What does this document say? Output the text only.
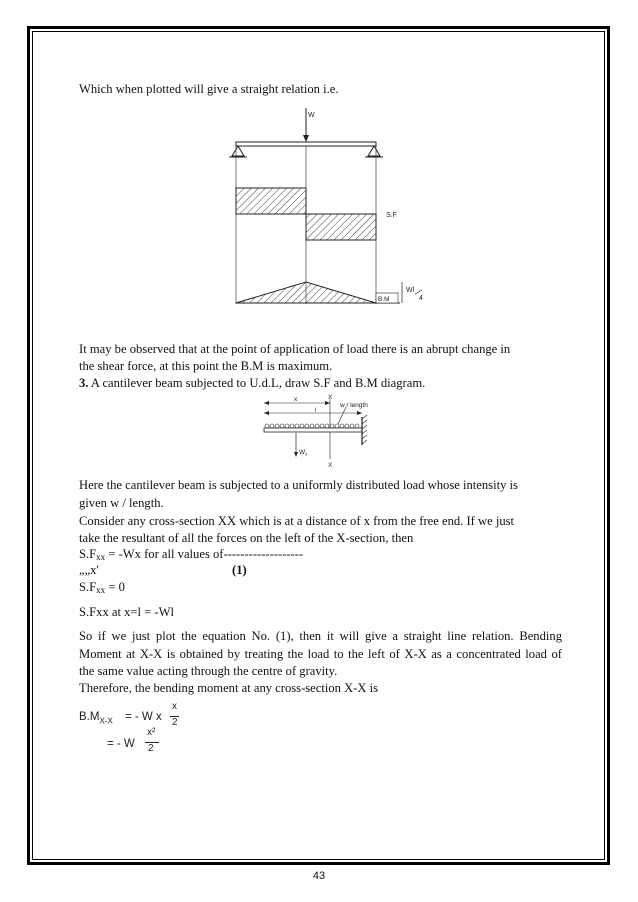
Which when plotted will give a straight relation i.e.
W
S.F
B.M
Wl
4
It may be observed that at the point of application of load there is an abrupt change in
the shear force, at this point the B.M is maximum.
3. A cantilever beam subjected to U.d.L, draw S.F and B.M diagram.
x	X
X
l
w / length
$W_x$
Here the cantilever beam is subjected to a uniformly distributed load whose intensity is
given w / length.
Consider any cross-section XX which is at a distance of x from the free end. If we just
take the resultant of all the forces on the left of the X-section, then
$S.F_{xx} = -Wx$ for all values of-------------------
„„x'	(1)
$S.F_{xx} = 0$
S.Fxx at x=l = -Wl
So if we just plot the equation No. (1), then it will give a straight line relation. Bending
Moment at X-X is obtained by treating the load to the left of X-X as a concentrated load of
the same value acting through the centre of gravity.
Therefore, the bending moment at any cross-section X-X is
$B.M_{X-X}$ = - W x
x
2
= - W
x²
2
43
